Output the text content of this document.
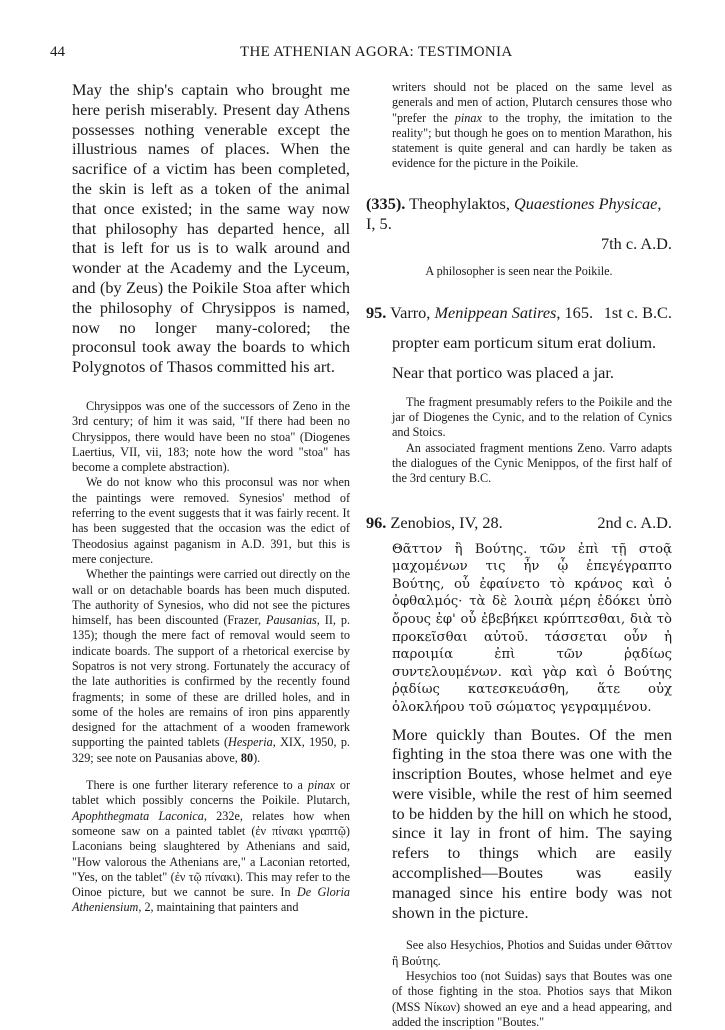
44	THE ATHENIAN AGORA: TESTIMONIA

May the ship's captain who brought me here perish miserably. Present day Athens possesses nothing venerable except the illustrious names of places. When the sacrifice of a victim has been completed, the skin is left as a token of the animal that once existed; in the same way now that philosophy has departed hence, all that is left for us is to walk around and wonder at the Academy and the Lyceum, and (by Zeus) the Poikile Stoa after which the philosophy of Chrysippos is named, now no longer many-colored; the proconsul took away the boards to which Polygnotos of Thasos committed his art.

Chrysippos was one of the successors of Zeno in the 3rd century; of him it was said, "If there had been no Chrysippos, there would have been no stoa" (Diogenes Laertius, VII, vii, 183; note how the word "stoa" has become a complete abstraction).

We do not know who this proconsul was nor when the paintings were removed. Synesios' method of referring to the event suggests that it was fairly recent. It has been suggested that the occasion was the edict of Theodosius against paganism in A.D. 391, but this is mere conjecture.

Whether the paintings were carried out directly on the wall or on detachable boards has been much disputed. The authority of Synesios, who did not see the pictures himself, has been discounted (Frazer, Pausanias, II, p. 135); though the mere fact of removal would seem to indicate boards. The support of a rhetorical exercise by Sopatros is not very strong. Fortunately the accuracy of the late authorities is confirmed by the recently found fragments; in some of these are drilled holes, and in some of the holes are remains of iron pins apparently designed for the attachment of a wooden framework supporting the painted tablets (Hesperia, XIX, 1950, p. 329; see note on Pausanias above, 80).

There is one further literary reference to a pinax or tablet which possibly concerns the Poikile. Plutarch, Apophthegmata Laconica, 232e, relates how when someone saw on a painted tablet (ἐν πίνακι γραπτῷ) Laconians being slaughtered by Athenians and said, "How valorous the Athenians are," a Laconian retorted, "Yes, on the tablet" (ἐν τῷ πίνακι). This may refer to the Oinoe picture, but we cannot be sure. In De Gloria Atheniensium, 2, maintaining that painters and

writers should not be placed on the same level as generals and men of action, Plutarch censures those who "prefer the pinax to the trophy, the imitation to the reality"; but though he goes on to mention Marathon, his statement is quite general and can hardly be taken as evidence for the picture in the Poikile.

(335). Theophylaktos, Quaestiones Physicae, I, 5.
7th c. A.D.

A philosopher is seen near the Poikile.

95. Varro, Menippean Satires, 165. 1st c. B.C.

propter eam porticum situm erat dolium.

Near that portico was placed a jar.

The fragment presumably refers to the Poikile and the jar of Diogenes the Cynic, and to the relation of Cynics and Stoics.

An associated fragment mentions Zeno. Varro adapts the dialogues of the Cynic Menippos, of the first half of the 3rd century B.C.

96. Zenobios, IV, 28.	2nd c. A.D.

Θᾶττον ἢ Βούτης. τῶν ἐπὶ τῇ στοᾷ μαχομένων τις ἦν ᾧ ἐπεγέγραπτο Βούτης, οὗ ἐφαίνετο τὸ κράνος καὶ ὁ ὀφθαλμός· τὰ δὲ λοιπὰ μέρη ἐδόκει ὑπὸ ὄρους ἐφ' οὗ ἐβεβήκει κρύπτεσθαι, διὰ τὸ προκεῖσθαι αὐτοῦ. τάσσεται οὖν ἡ παροιμία ἐπὶ τῶν ῥᾳδίως συντελουμένων. καὶ γὰρ καὶ ὁ Βούτης ῥᾳδίως κατεσκευάσθη, ἅτε οὐχ ὁλοκλήρου τοῦ σώματος γεγραμμένου.

More quickly than Boutes. Of the men fighting in the stoa there was one with the inscription Boutes, whose helmet and eye were visible, while the rest of him seemed to be hidden by the hill on which he stood, since it lay in front of him. The saying refers to things which are easily accomplished—Boutes was easily managed since his entire body was not shown in the picture.

See also Hesychios, Photios and Suidas under Θᾶττον ἢ Βούτης.

Hesychios too (not Suidas) says that Boutes was one of those fighting in the stoa. Photios says that Mikon (MSS Νίκων) showed an eye and a head appearing, and added the inscription "Boutes."
